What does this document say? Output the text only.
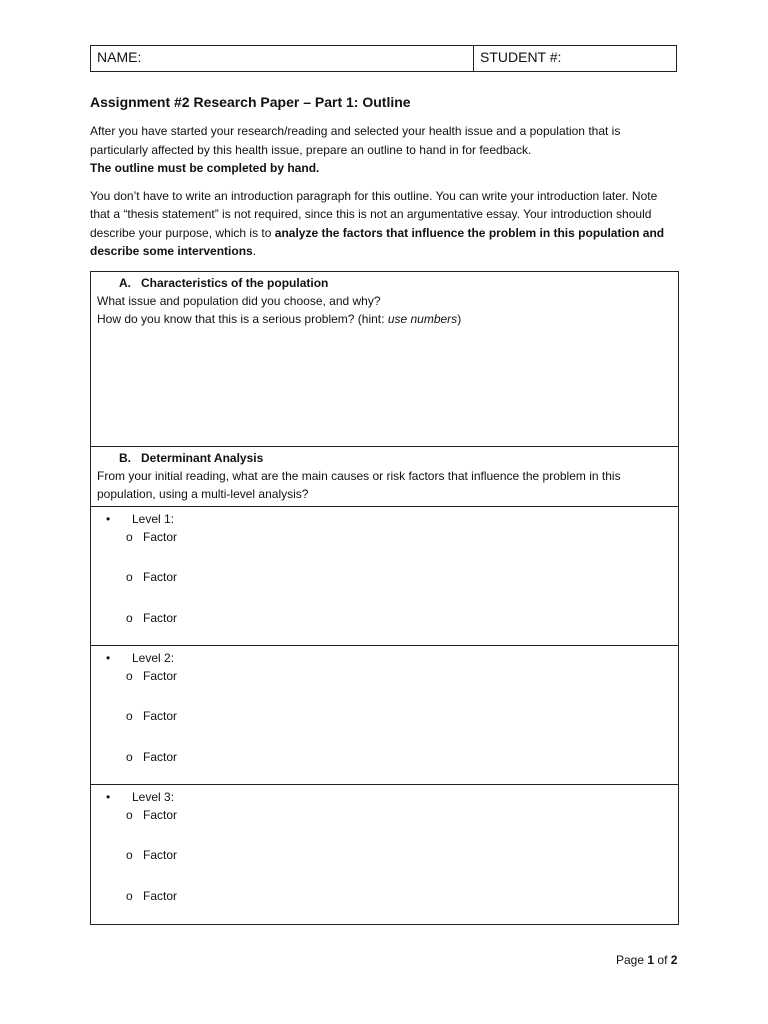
NAME:	STUDENT #:
Assignment #2 Research Paper – Part 1: Outline

After you have started your research/reading and selected your health issue and a population that is particularly affected by this health issue, prepare an outline to hand in for feedback.
The outline must be completed by hand.

You don’t have to write an introduction paragraph for this outline. You can write your introduction later. Note that a “thesis statement” is not required, since this is not an argumentative essay. Your introduction should describe your purpose, which is to analyze the factors that influence the problem in this population and describe some interventions.

A. Characteristics of the population
What issue and population did you choose, and why?
How do you know that this is a serious problem? (hint: use numbers)
B. Determinant Analysis
From your initial reading, what are the main causes or risk factors that influence the problem in this population, using a multi-level analysis?
•	Level 1:
o Factor
o Factor
o Factor
•	Level 2:
o Factor
o Factor
o Factor
•	Level 3:
o Factor
o Factor
o Factor
Page 1 of 2
